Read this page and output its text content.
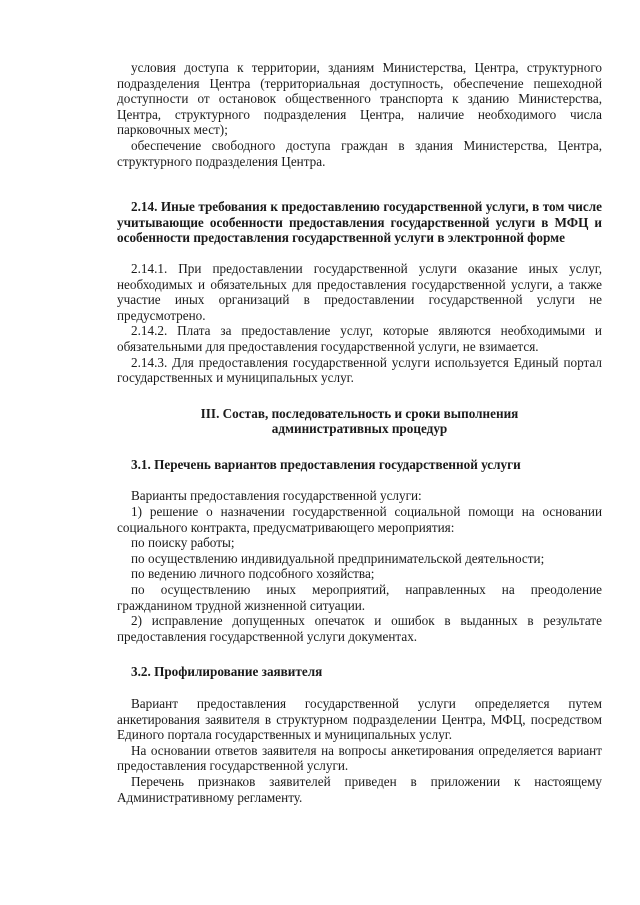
условия доступа к территории, зданиям Министерства, Центра, структурного подразделения Центра (территориальная доступность, обеспечение пешеходной доступности от остановок общественного транспорта к зданию Министерства, Центра, структурного подразделения Центра, наличие необходимого числа парковочных мест);

обеспечение свободного доступа граждан в здания Министерства, Центра, структурного подразделения Центра.

2.14. Иные требования к предоставлению государственной услуги, в том числе учитывающие особенности предоставления государственной услуги в МФЦ и особенности предоставления государственной услуги в электронной форме

2.14.1. При предоставлении государственной услуги оказание иных услуг, необходимых и обязательных для предоставления государственной услуги, а также участие иных организаций в предоставлении государственной услуги не предусмотрено.

2.14.2. Плата за предоставление услуг, которые являются необходимыми и обязательными для предоставления государственной услуги, не взимается.

2.14.3. Для предоставления государственной услуги используется Единый портал государственных и муниципальных услуг.

III. Состав, последовательность и сроки выполнения

административных процедур

3.1. Перечень вариантов предоставления государственной услуги

Варианты предоставления государственной услуги:

1) решение о назначении государственной социальной помощи на основании социального контракта, предусматривающего мероприятия:

по поиску работы;

по осуществлению индивидуальной предпринимательской деятельности;

по ведению личного подсобного хозяйства;

по осуществлению иных мероприятий, направленных на преодоление гражданином трудной жизненной ситуации.

2) исправление допущенных опечаток и ошибок в выданных в результате предоставления государственной услуги документах.

3.2. Профилирование заявителя

Вариант предоставления государственной услуги определяется путем анкетирования заявителя в структурном подразделении Центра, МФЦ, посредством Единого портала государственных и муниципальных услуг.

На основании ответов заявителя на вопросы анкетирования определяется вариант предоставления государственной услуги.

Перечень признаков заявителей приведен в приложении к настоящему Административному регламенту.
